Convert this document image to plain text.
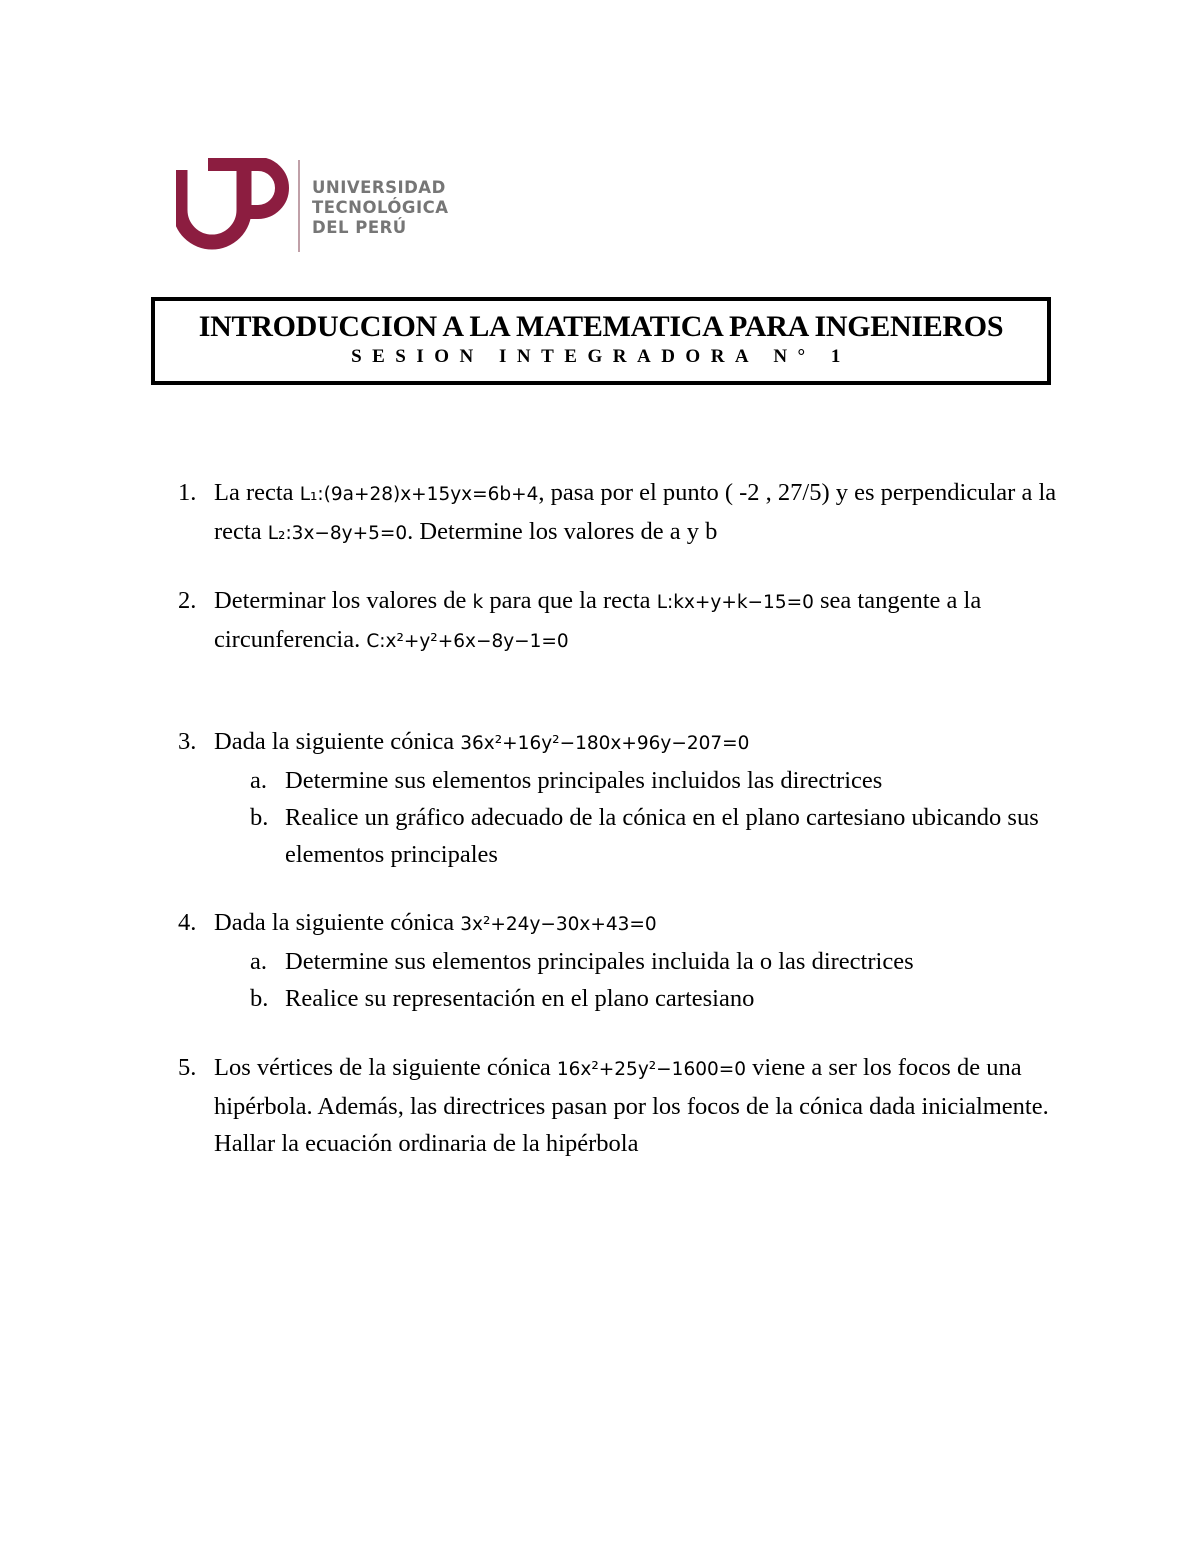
UNIVERSIDAD
TECNOLÓGICA
DEL PERÚ
INTRODUCCION A LA MATEMATICA PARA INGENIEROS
SESION INTEGRADORA N° 1
1. La recta L₁:(9a+28)x+15yx=6b+4, pasa por el punto ( -2 , 27/5) y es perpendicular a la recta L₂:3x−8y+5=0. Determine los valores de a y b
2. Determinar los valores de k para que la recta L:kx+y+k−15=0 sea tangente a la circunferencia. C:x²+y²+6x−8y−1=0
3. Dada la siguiente cónica 36x²+16y²−180x+96y−207=0
a. Determine sus elementos principales incluidos las directrices
b. Realice un gráfico adecuado de la cónica en el plano cartesiano ubicando sus elementos principales
4. Dada la siguiente cónica 3x²+24y−30x+43=0
a. Determine sus elementos principales incluida la o las directrices
b. Realice su representación en el plano cartesiano
5. Los vértices de la siguiente cónica 16x²+25y²−1600=0 viene a ser los focos de una hipérbola. Además, las directrices pasan por los focos de la cónica dada inicialmente. Hallar la ecuación ordinaria de la hipérbola
